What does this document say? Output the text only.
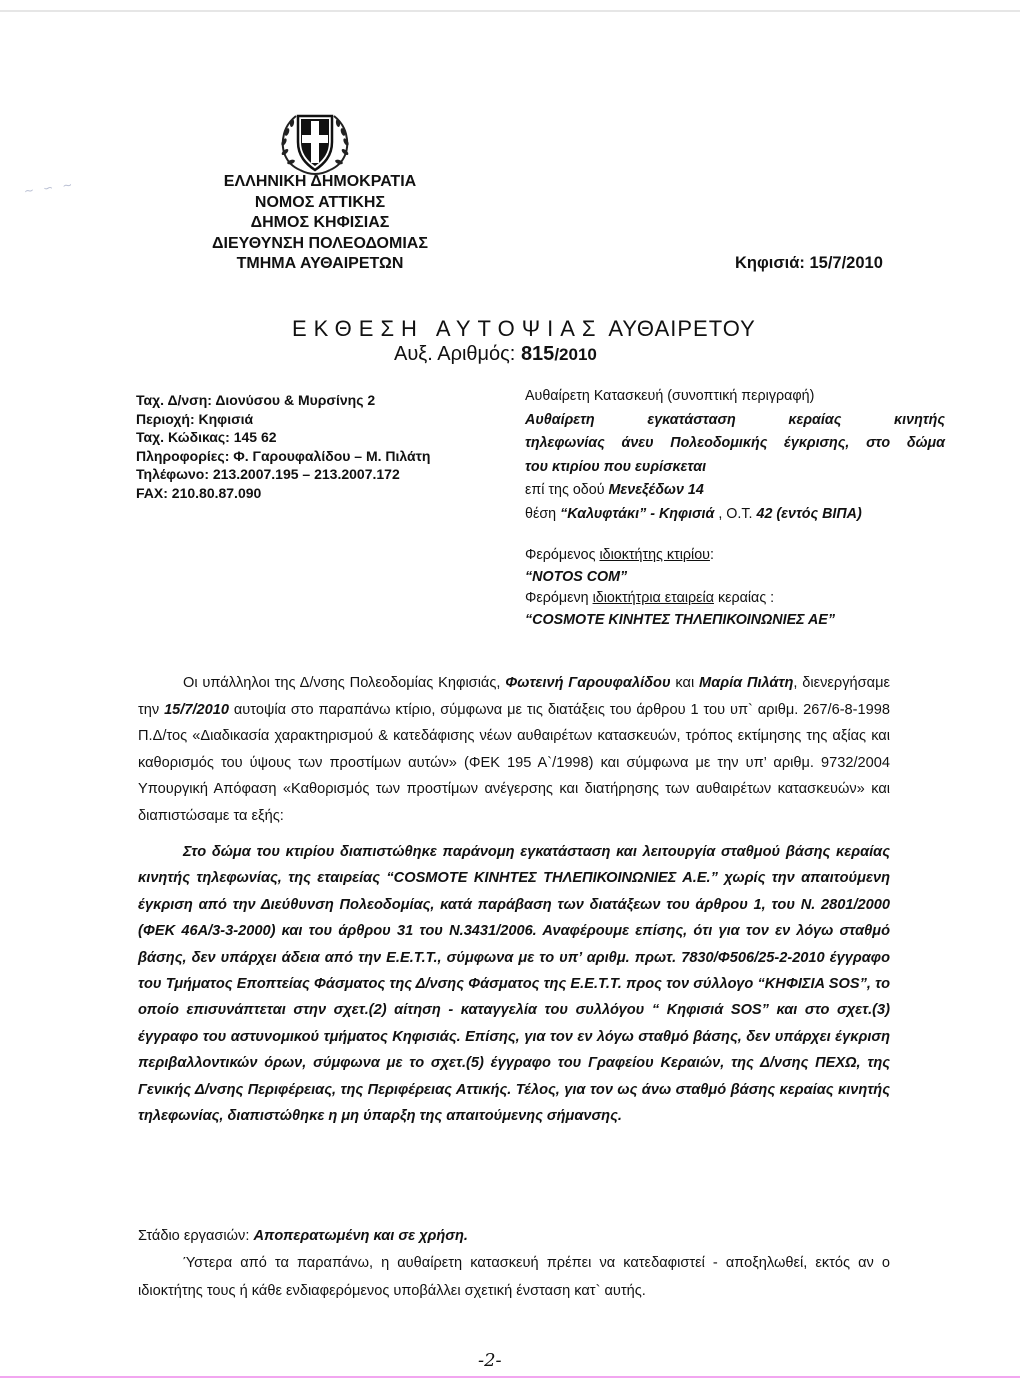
∼ ∽ ∼	ΕΛΛΗΝΙΚΗ ΔΗΜΟΚΡΑΤΙΑ
ΝΟΜΟΣ ΑΤΤΙΚΗΣ
ΔΗΜΟΣ ΚΗΦΙΣΙΑΣ
ΔΙΕΥΘΥΝΣΗ ΠΟΛΕΟΔΟΜΙΑΣ
ΤΜΗΜΑ ΑΥΘΑΙΡΕΤΩΝ	Κηφισιά: 15/7/2010
ΕΚΘΕΣΗ ΑΥΤΟΨΙΑΣ ΑΥΘΑΙΡΕΤΟΥ
Αυξ. Αριθμός: 815/2010
Ταχ. Δ/νση: Διονύσου & Μυρσίνης 2
Περιοχή: Κηφισιά
Ταχ. Κώδικας: 145 62
Πληροφορίες: Φ. Γαρουφαλίδου – Μ. Πιλάτη
Τηλέφωνο: 213.2007.195 – 213.2007.172
FAX: 210.80.87.090
Αυθαίρετη Κατασκευή (συνοπτική περιγραφή)
Αυθαίρετη εγκατάσταση κεραίας κινητής
τηλεφωνίας άνευ Πολεοδομικής έγκρισης, στο δώμα
του κτιρίου που ευρίσκεται
επί της οδού Μενεξέδων 14
θέση “Καλυφτάκι” - Κηφισιά , Ο.Τ. 42 (εντός ΒΙΠΑ)
Φερόμενος ιδιοκτήτης κτιρίου:
“NOTOS COM”
Φερόμενη ιδιοκτήτρια εταιρεία κεραίας :
“COSMOTE ΚΙΝΗΤΕΣ ΤΗΛΕΠΙΚΟΙΝΩΝΙΕΣ ΑΕ”
Οι υπάλληλοι της Δ/νσης Πολεοδομίας Κηφισιάς, Φωτεινή Γαρουφαλίδου και Μαρία Πιλάτη, διενεργήσαμε την 15/7/2010 αυτοψία στο παραπάνω κτίριο, σύμφωνα με τις διατάξεις του άρθρου 1 του υπ` αριθμ. 267/6-8-1998 Π.Δ/τος «Διαδικασία χαρακτηρισμού & κατεδάφισης νέων αυθαιρέτων κατασκευών, τρόπος εκτίμησης της αξίας και καθορισμός του ύψους των προστίμων αυτών» (ΦΕΚ 195 Α`/1998) και σύμφωνα με την υπ’ αριθμ. 9732/2004 Υπουργική Απόφαση «Καθορισμός των προστίμων ανέγερσης και διατήρησης των αυθαιρέτων κατασκευών» και διαπιστώσαμε τα εξής:
Στο δώμα του κτιρίου διαπιστώθηκε παράνομη εγκατάσταση και λειτουργία σταθμού βάσης κεραίας κινητής τηλεφωνίας, της εταιρείας “COSMOTE ΚΙΝΗΤΕΣ ΤΗΛΕΠΙΚΟΙΝΩΝΙΕΣ Α.Ε.” χωρίς την απαιτούμενη έγκριση από την Διεύθυνση Πολεοδομίας, κατά παράβαση των διατάξεων του άρθρου 1, του Ν. 2801/2000 (ΦΕΚ 46Α/3-3-2000) και του άρθρου 31 του Ν.3431/2006. Αναφέρουμε επίσης, ότι για τον εν λόγω σταθμό βάσης, δεν υπάρχει άδεια από την Ε.Ε.Τ.Τ., σύμφωνα με το υπ’ αριθμ. πρωτ. 7830/Φ506/25-2-2010 έγγραφο του Τμήματος Εποπτείας Φάσματος της Δ/νσης Φάσματος της Ε.Ε.Τ.Τ. προς τον σύλλογο “ΚΗΦΙΣΙΑ SOS”, το οποίο επισυνάπτεται στην σχετ.(2) αίτηση - καταγγελία του συλλόγου “ Κηφισιά SOS” και στο σχετ.(3) έγγραφο του αστυνομικού τμήματος Κηφισιάς. Επίσης, για τον εν λόγω σταθμό βάσης, δεν υπάρχει έγκριση περιβαλλοντικών όρων, σύμφωνα με το σχετ.(5) έγγραφο του Γραφείου Κεραιών, της Δ/νσης ΠΕΧΩ, της Γενικής Δ/νσης Περιφέρειας, της Περιφέρειας Αττικής. Τέλος, για τον ως άνω σταθμό βάσης κεραίας κινητής τηλεφωνίας, διαπιστώθηκε η μη ύπαρξη της απαιτούμενης σήμανσης.
Στάδιο εργασιών: Αποπερατωμένη και σε χρήση.
Ύστερα από τα παραπάνω, η αυθαίρετη κατασκευή πρέπει να κατεδαφιστεί - αποξηλωθεί, εκτός αν ο ιδιοκτήτης τους ή κάθε ενδιαφερόμενος υποβάλλει σχετική ένσταση κατ` αυτής.
-2-
